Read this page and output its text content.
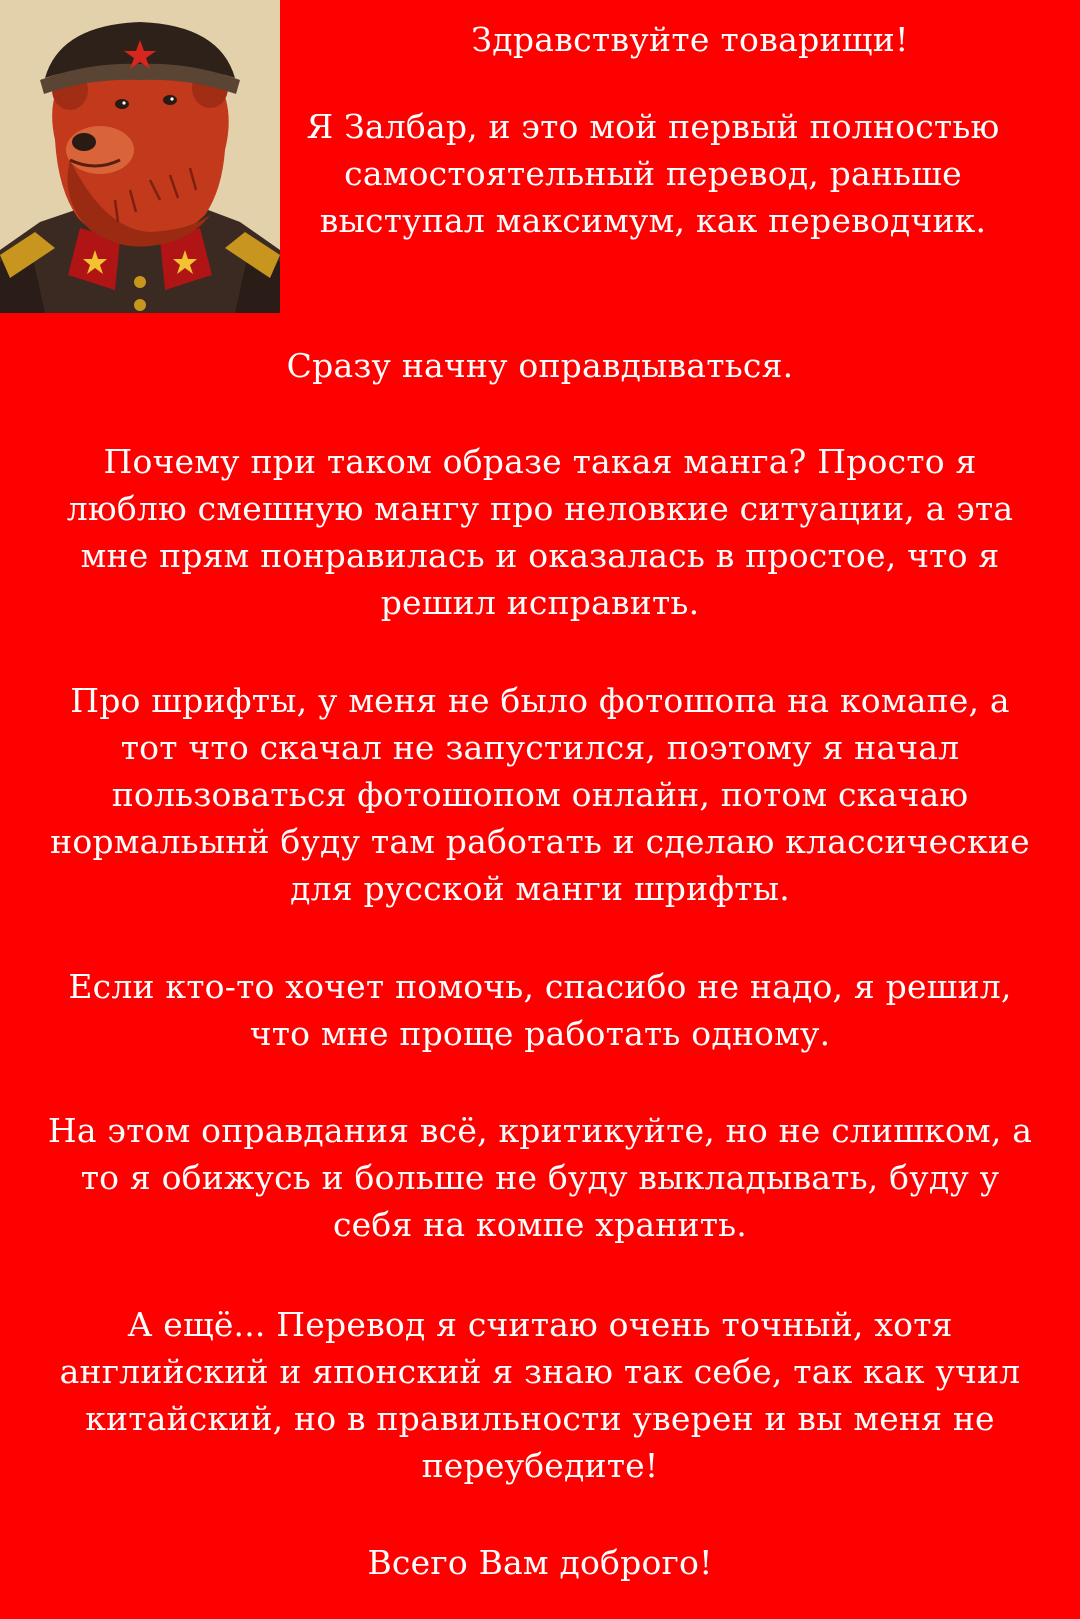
Здравствуйте товарищи!

Я Залбар, и это мой первый полностью самостоятельный перевод, раньше выступал максимум, как переводчик.

Сразу начну оправдываться.

Почему при таком образе такая манга? Просто я люблю смешную мангу про неловкие ситуации, а эта мне прям понравилась и оказалась в простое, что я решил исправить.

Про шрифты, у меня не было фотошопа на комапе, а тот что скачал не запустился, поэтому я начал пользоваться фотошопом онлайн, потом скачаю нормальынй буду там работать и сделаю классические для русской манги шрифты.

Если кто-то хочет помочь, спасибо не надо, я решил, что мне проще работать одному.

На этом оправдания всё, критикуйте, но не слишком, а то я обижусь и больше не буду выкладывать, буду у себя на компе хранить.

А ещё... Перевод я считаю очень точный, хотя английский и японский я знаю так себе, так как учил китайский, но в правильности уверен и вы меня не переубедите!

Всего Вам доброго!
